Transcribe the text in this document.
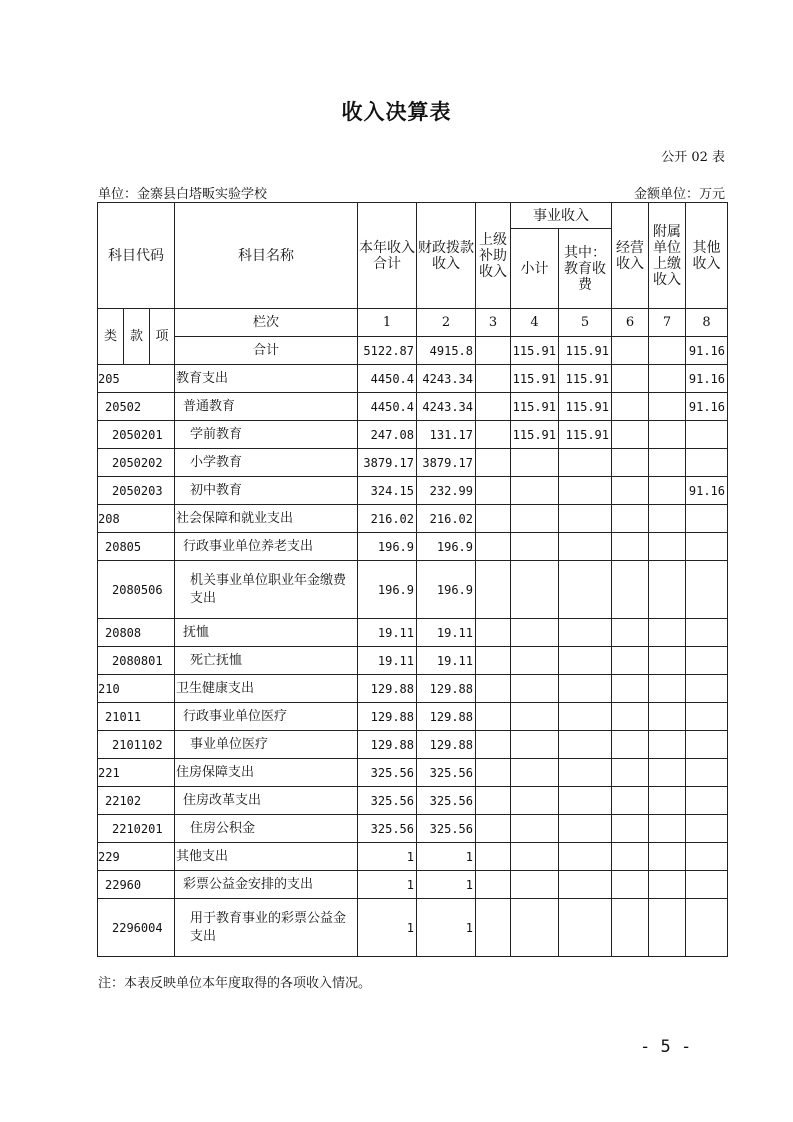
收入决算表
公开 02 表
单位：金寨县白塔畈实验学校	金额单位：万元
科目代码			科目名称	本年收入合计	财政拨款收入	上级补助收入	事业收入		经营收入	附属单位上缴收入	其他收入
							小计	其中：教育收费			
类	款	项	栏次	1	2	3	4	5	6	7	8
			合计	5122.87	4915.8		115.91	115.91			91.16
205			教育支出	4450.4	4243.34		115.91	115.91			91.16
20502			普通教育	4450.4	4243.34		115.91	115.91			91.16
2050201			学前教育	247.08	131.17		115.91	115.91			
2050202			小学教育	3879.17	3879.17						
2050203			初中教育	324.15	232.99						91.16
208			社会保障和就业支出	216.02	216.02						
20805			行政事业单位养老支出	196.9	196.9						
2080506			机关事业单位职业年金缴费支出	196.9	196.9						
20808			抚恤	19.11	19.11						
2080801			死亡抚恤	19.11	19.11						
210			卫生健康支出	129.88	129.88						
21011			行政事业单位医疗	129.88	129.88						
2101102			事业单位医疗	129.88	129.88						
221			住房保障支出	325.56	325.56						
22102			住房改革支出	325.56	325.56						
2210201			住房公积金	325.56	325.56						
229			其他支出	1	1						
22960			彩票公益金安排的支出	1	1						
2296004			用于教育事业的彩票公益金支出	1	1						
注：本表反映单位本年度取得的各项收入情况。
- 5 -
